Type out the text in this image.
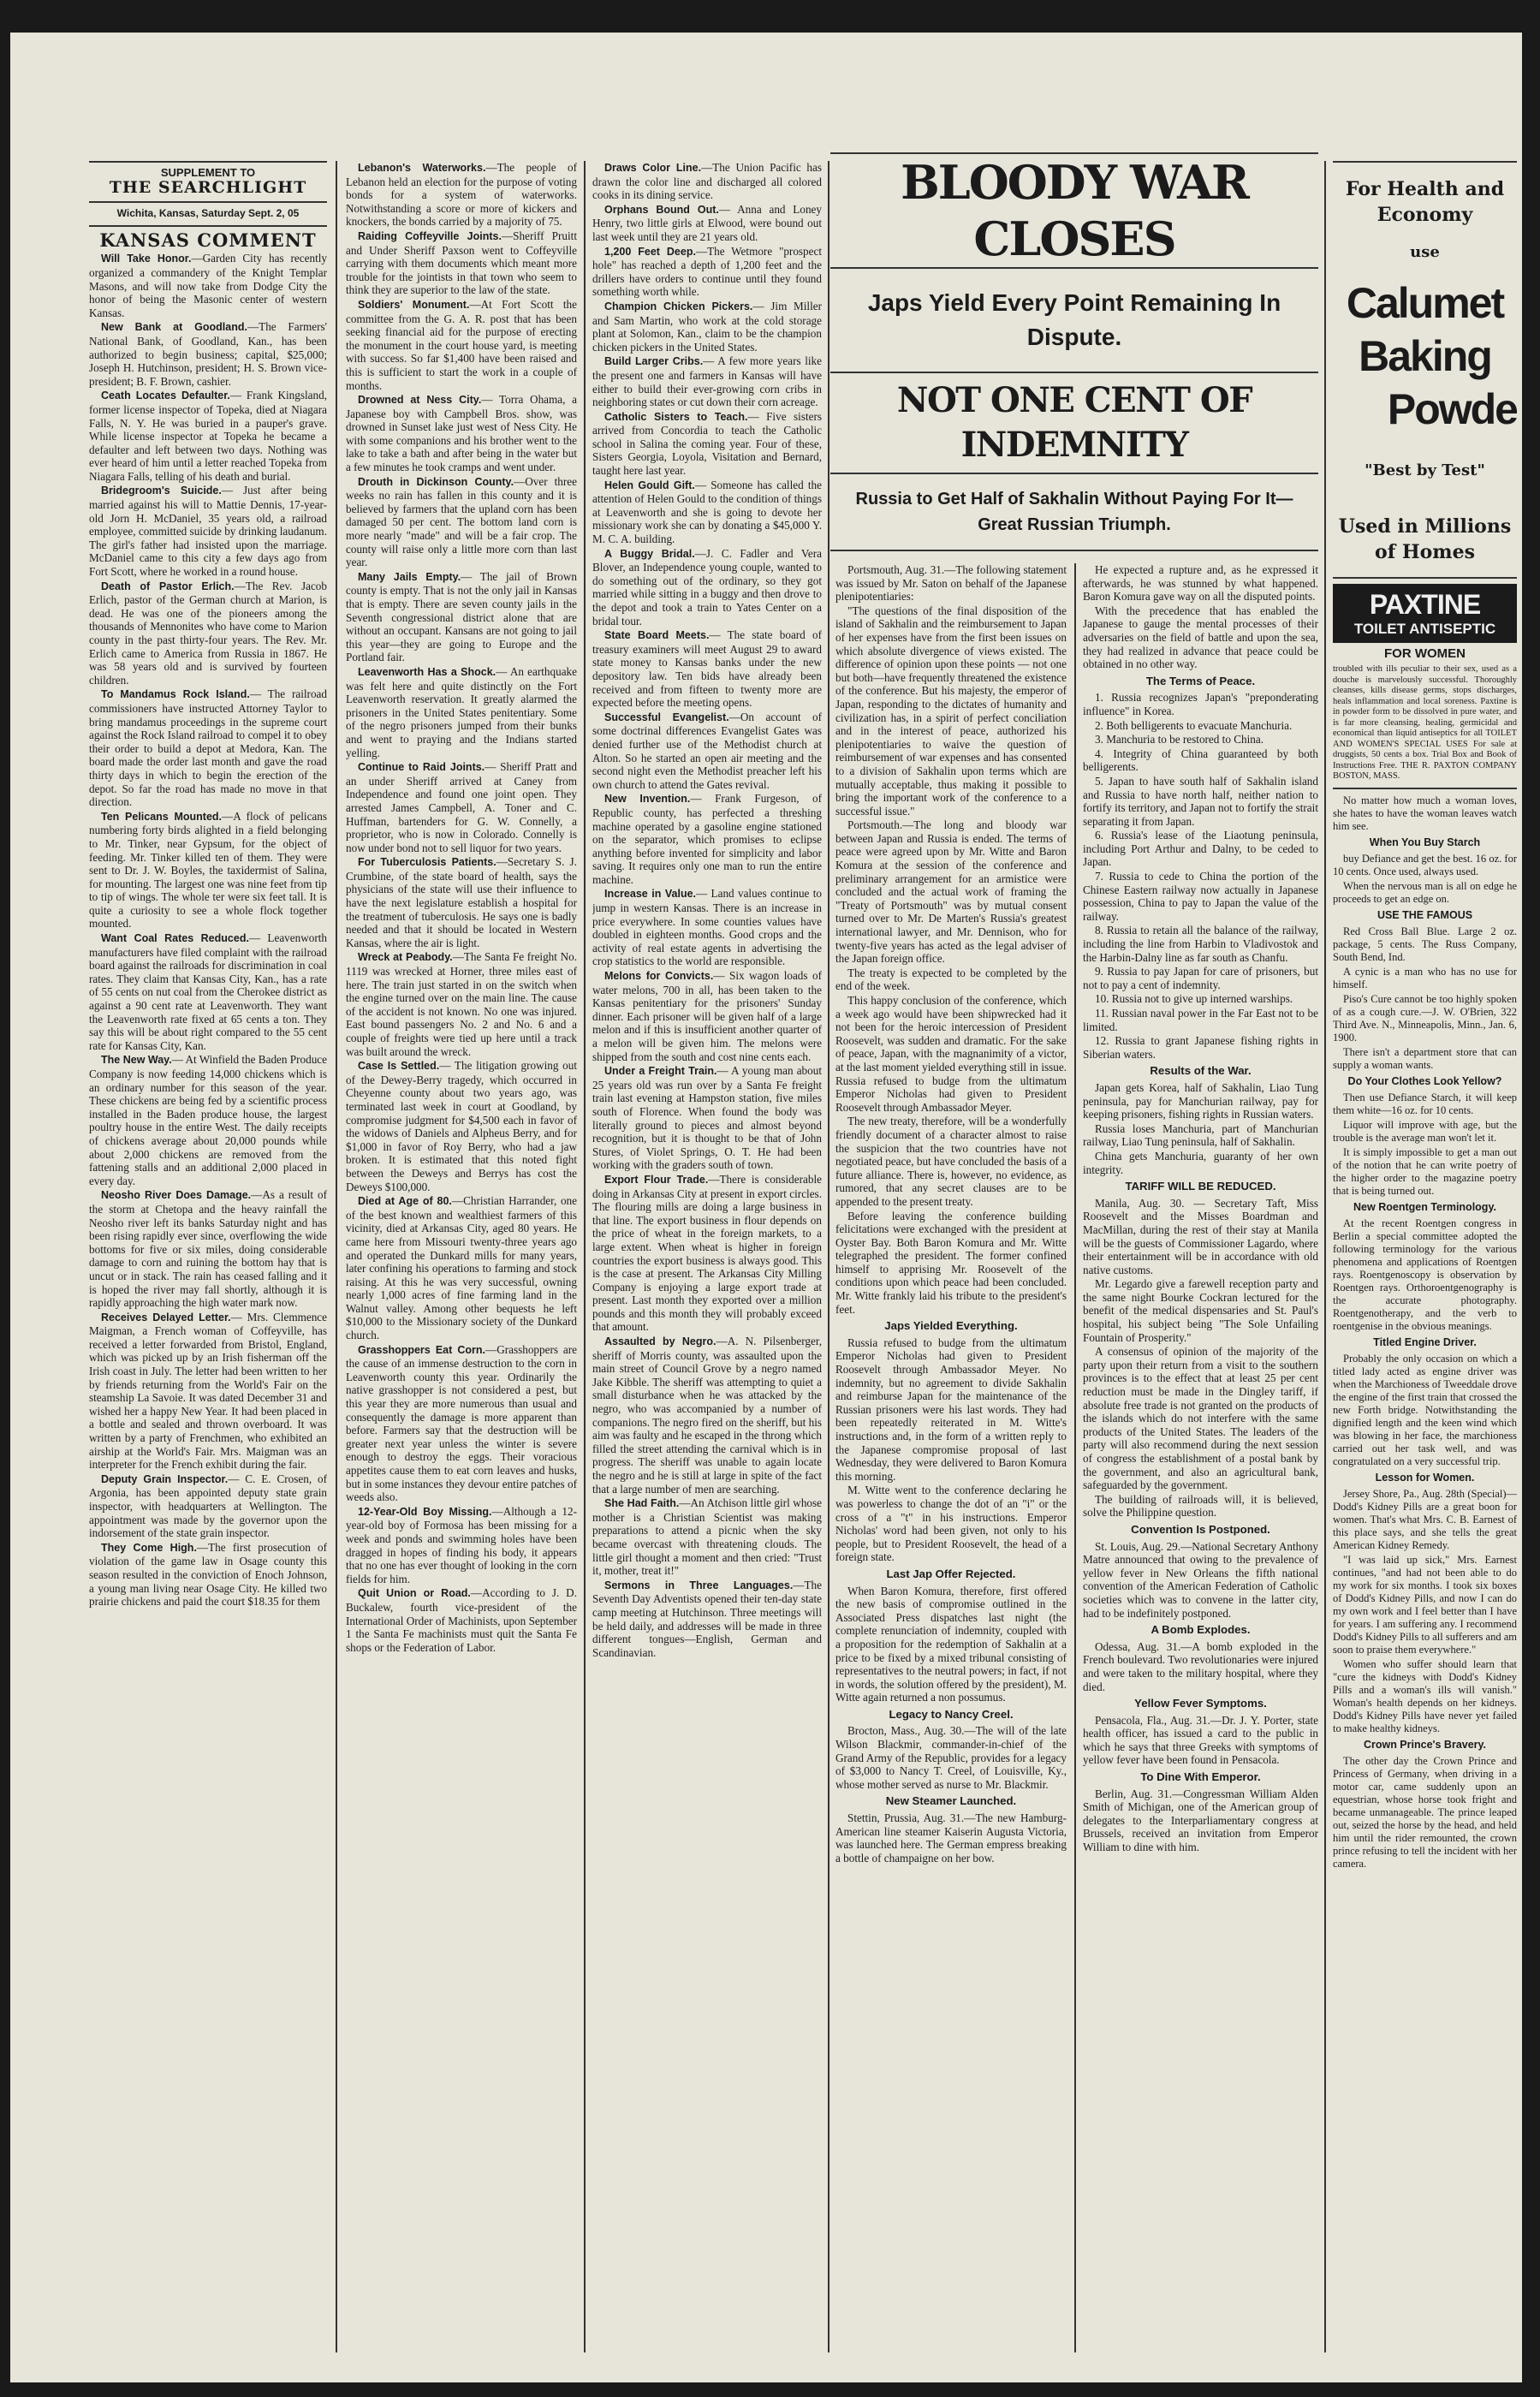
SUPPLEMENT TO
THE SEARCHLIGHT
Wichita, Kansas, Saturday Sept. 2, 05
KANSAS COMMENT

Will Take Honor.—Garden City has recently organized a commandery of the Knight Templar Masons, and will now take from Dodge City the honor of being the Masonic center of western Kansas.

New Bank at Goodland.—The Farmers' National Bank, of Goodland, Kan., has been authorized to begin business; capital, $25,000; Joseph H. Hutchinson, president; H. S. Brown vice-president; B. F. Brown, cashier.

Ceath Locates Defaulter.— Frank Kingsland, former license inspector of Topeka, died at Niagara Falls, N. Y. He was buried in a pauper's grave. While license inspector at Topeka he became a defaulter and left between two days. Nothing was ever heard of him until a letter reached Topeka from Niagara Falls, telling of his death and burial.

Bridegroom's Suicide.— Just after being married against his will to Mattie Dennis, 17-year-old Jorn H. McDaniel, 35 years old, a railroad employee, committed suicide by drinking laudanum. The girl's father had insisted upon the marriage. McDaniel came to this city a few days ago from Fort Scott, where he worked in a round house.

Death of Pastor Erlich.—The Rev. Jacob Erlich, pastor of the German church at Marion, is dead. He was one of the pioneers among the thousands of Mennonites who have come to Marion county in the past thirty-four years. The Rev. Mr. Erlich came to America from Russia in 1867. He was 58 years old and is survived by fourteen children.

To Mandamus Rock Island.— The railroad commissioners have instructed Attorney Taylor to bring mandamus proceedings in the supreme court against the Rock Island railroad to compel it to obey their order to build a depot at Medora, Kan. The board made the order last month and gave the road thirty days in which to begin the erection of the depot. So far the road has made no move in that direction.

Ten Pelicans Mounted.—A flock of pelicans numbering forty birds alighted in a field belonging to Mr. Tinker, near Gypsum, for the object of feeding. Mr. Tinker killed ten of them. They were sent to Dr. J. W. Boyles, the taxidermist of Salina, for mounting. The largest one was nine feet from tip to tip of wings. The whole ter were six feet tall. It is quite a curiosity to see a whole flock together mounted.

Want Coal Rates Reduced.— Leavenworth manufacturers have filed complaint with the railroad board against the railroads for discrimination in coal rates. They claim that Kansas City, Kan., has a rate of 55 cents on nut coal from the Cherokee district as against a 90 cent rate at Leavenworth. They want the Leavenworth rate fixed at 65 cents a ton. They say this will be about right compared to the 55 cent rate for Kansas City, Kan.

The New Way.— At Winfield the Baden Produce Company is now feeding 14,000 chickens which is an ordinary number for this season of the year. These chickens are being fed by a scientific process installed in the Baden produce house, the largest poultry house in the entire West. The daily receipts of chickens average about 20,000 pounds while about 2,000 chickens are removed from the fattening stalls and an additional 2,000 placed in every day.

Neosho River Does Damage.—As a result of the storm at Chetopa and the heavy rainfall the Neosho river left its banks Saturday night and has been rising rapidly ever since, overflowing the wide bottoms for five or six miles, doing considerable damage to corn and ruining the bottom hay that is uncut or in stack. The rain has ceased falling and it is hoped the river may fall shortly, although it is rapidly approaching the high water mark now.

Receives Delayed Letter.— Mrs. Clemmence Maigman, a French woman of Coffeyville, has received a letter forwarded from Bristol, England, which was picked up by an Irish fisherman off the Irish coast in July. The letter had been written to her by friends returning from the World's Fair on the steamship La Savoie. It was dated December 31 and wished her a happy New Year. It had been placed in a bottle and sealed and thrown overboard. It was written by a party of Frenchmen, who exhibited an airship at the World's Fair. Mrs. Maigman was an interpreter for the French exhibit during the fair.

Deputy Grain Inspector.— C. E. Crosen, of Argonia, has been appointed deputy state grain inspector, with headquarters at Wellington. The appointment was made by the governor upon the indorsement of the state grain inspector.

They Come High.—The first prosecution of violation of the game law in Osage county this season resulted in the conviction of Enoch Johnson, a young man living near Osage City. He killed two prairie chickens and paid the court $18.35 for them

Lebanon's Waterworks.—The people of Lebanon held an election for the purpose of voting bonds for a system of waterworks. Notwithstanding a score or more of kickers and knockers, the bonds carried by a majority of 75.

Raiding Coffeyville Joints.—Sheriff Pruitt and Under Sheriff Paxson went to Coffeyville carrying with them documents which meant more trouble for the jointists in that town who seem to think they are superior to the law of the state.

Soldiers' Monument.—At Fort Scott the committee from the G. A. R. post that has been seeking financial aid for the purpose of erecting the monument in the court house yard, is meeting with success. So far $1,400 have been raised and this is sufficient to start the work in a couple of months.

Drowned at Ness City.— Torra Ohama, a Japanese boy with Campbell Bros. show, was drowned in Sunset lake just west of Ness City. He with some companions and his brother went to the lake to take a bath and after being in the water but a few minutes he took cramps and went under.

Drouth in Dickinson County.—Over three weeks no rain has fallen in this county and it is believed by farmers that the upland corn has been damaged 50 per cent. The bottom land corn is more nearly "made" and will be a fair crop. The county will raise only a little more corn than last year.

Many Jails Empty.— The jail of Brown county is empty. That is not the only jail in Kansas that is empty. There are seven county jails in the Seventh congressional district alone that are without an occupant. Kansans are not going to jail this year—they are going to Europe and the Portland fair.

Leavenworth Has a Shock.— An earthquake was felt here and quite distinctly on the Fort Leavenworth reservation. It greatly alarmed the prisoners in the United States penitentiary. Some of the negro prisoners jumped from their bunks and went to praying and the Indians started yelling.

Continue to Raid Joints.— Sheriff Pratt and an under Sheriff arrived at Caney from Independence and found one joint open. They arrested James Campbell, A. Toner and C. Huffman, bartenders for G. W. Connelly, a proprietor, who is now in Colorado. Connelly is now under bond not to sell liquor for two years.

For Tuberculosis Patients.—Secretary S. J. Crumbine, of the state board of health, says the physicians of the state will use their influence to have the next legislature establish a hospital for the treatment of tuberculosis. He says one is badly needed and that it should be located in Western Kansas, where the air is light.

Wreck at Peabody.—The Santa Fe freight No. 1119 was wrecked at Horner, three miles east of here. The train just started in on the switch when the engine turned over on the main line. The cause of the accident is not known. No one was injured. East bound passengers No. 2 and No. 6 and a couple of freights were tied up here until a track was built around the wreck.

Case Is Settled.— The litigation growing out of the Dewey-Berry tragedy, which occurred in Cheyenne county about two years ago, was terminated last week in court at Goodland, by compromise judgment for $4,500 each in favor of the widows of Daniels and Alpheus Berry, and for $1,000 in favor of Roy Berry, who had a jaw broken. It is estimated that this noted fight between the Deweys and Berrys has cost the Deweys $100,000.

Died at Age of 80.—Christian Harrander, one of the best known and wealthiest farmers of this vicinity, died at Arkansas City, aged 80 years. He came here from Missouri twenty-three years ago and operated the Dunkard mills for many years, later confining his operations to farming and stock raising. At this he was very successful, owning nearly 1,000 acres of fine farming land in the Walnut valley. Among other bequests he left $10,000 to the Missionary society of the Dunkard church.

Grasshoppers Eat Corn.—Grasshoppers are the cause of an immense destruction to the corn in Leavenworth county this year. Ordinarily the native grasshopper is not considered a pest, but this year they are more numerous than usual and consequently the damage is more apparent than before. Farmers say that the destruction will be greater next year unless the winter is severe enough to destroy the eggs. Their voracious appetites cause them to eat corn leaves and husks, but in some instances they devour entire patches of weeds also.

12-Year-Old Boy Missing.—Although a 12-year-old boy of Formosa has been missing for a week and ponds and swimming holes have been dragged in hopes of finding his body, it appears that no one has ever thought of looking in the corn fields for him.

Quit Union or Road.—According to J. D. Buckalew, fourth vice-president of the International Order of Machinists, upon September 1 the Santa Fe machinists must quit the Santa Fe shops or the Federation of Labor.

Draws Color Line.—The Union Pacific has drawn the color line and discharged all colored cooks in its dining service.

Orphans Bound Out.— Anna and Loney Henry, two little girls at Elwood, were bound out last week until they are 21 years old.

1,200 Feet Deep.—The Wetmore "prospect hole" has reached a depth of 1,200 feet and the drillers have orders to continue until they found something worth while.

Champion Chicken Pickers.— Jim Miller and Sam Martin, who work at the cold storage plant at Solomon, Kan., claim to be the champion chicken pickers in the United States.

Build Larger Cribs.— A few more years like the present one and farmers in Kansas will have either to build their ever-growing corn cribs in neighboring states or cut down their corn acreage.

Catholic Sisters to Teach.— Five sisters arrived from Concordia to teach the Catholic school in Salina the coming year. Four of these, Sisters Georgia, Loyola, Visitation and Bernard, taught here last year.

Helen Gould Gift.— Someone has called the attention of Helen Gould to the condition of things at Leavenworth and she is going to devote her missionary work she can by donating a $45,000 Y. M. C. A. building.

A Buggy Bridal.—J. C. Fadler and Vera Blover, an Independence young couple, wanted to do something out of the ordinary, so they got married while sitting in a buggy and then drove to the depot and took a train to Yates Center on a bridal tour.

State Board Meets.— The state board of treasury examiners will meet August 29 to award state money to Kansas banks under the new depository law. Ten bids have already been received and from fifteen to twenty more are expected before the meeting opens.

Successful Evangelist.—On account of some doctrinal differences Evangelist Gates was denied further use of the Methodist church at Alton. So he started an open air meeting and the second night even the Methodist preacher left his own church to attend the Gates revival.

New Invention.— Frank Furgeson, of Republic county, has perfected a threshing machine operated by a gasoline engine stationed on the separator, which promises to eclipse anything before invented for simplicity and labor saving. It requires only one man to run the entire machine.

Increase in Value.— Land values continue to jump in western Kansas. There is an increase in price everywhere. In some counties values have doubled in eighteen months. Good crops and the activity of real estate agents in advertising the crop statistics to the world are responsible.

Melons for Convicts.— Six wagon loads of water melons, 700 in all, has been taken to the Kansas penitentiary for the prisoners' Sunday dinner. Each prisoner will be given half of a large melon and if this is insufficient another quarter of a melon will be given him. The melons were shipped from the south and cost nine cents each.

Under a Freight Train.— A young man about 25 years old was run over by a Santa Fe freight train last evening at Hampston station, five miles south of Florence. When found the body was literally ground to pieces and almost beyond recognition, but it is thought to be that of John Stures, of Violet Springs, O. T. He had been working with the graders south of town.

Export Flour Trade.—There is considerable doing in Arkansas City at present in export circles. The flouring mills are doing a large business in that line. The export business in flour depends on the price of wheat in the foreign markets, to a large extent. When wheat is higher in foreign countries the export business is always good. This is the case at present. The Arkansas City Milling Company is enjoying a large export trade at present. Last month they exported over a million pounds and this month they will probably exceed that amount.

Assaulted by Negro.—A. N. Pilsenberger, sheriff of Morris county, was assaulted upon the main street of Council Grove by a negro named Jake Kibble. The sheriff was attempting to quiet a small disturbance when he was attacked by the negro, who was accompanied by a number of companions. The negro fired on the sheriff, but his aim was faulty and he escaped in the throng which filled the street attending the carnival which is in progress. The sheriff was unable to again locate the negro and he is still at large in spite of the fact that a large number of men are searching.

She Had Faith.—An Atchison little girl whose mother is a Christian Scientist was making preparations to attend a picnic when the sky became overcast with threatening clouds. The little girl thought a moment and then cried: "Trust it, mother, treat it!"

Sermons in Three Languages.—The Seventh Day Adventists opened their ten-day state camp meeting at Hutchinson. Three meetings will be held daily, and addresses will be made in three different tongues—English, German and Scandinavian.

BLOODY WAR CLOSES
Japs Yield Every Point Remaining In Dispute.
NOT ONE CENT OF INDEMNITY
Russia to Get Half of Sakhalin Without Paying For It—Great Russian Triumph.

Portsmouth, Aug. 31.—The following statement was issued by Mr. Saton on behalf of the Japanese plenipotentiaries:

"The questions of the final disposition of the island of Sakhalin and the reimbursement to Japan of her expenses have from the first been issues on which absolute divergence of views existed. The difference of opinion upon these points — not one but both—have frequently threatened the existence of the conference. But his majesty, the emperor of Japan, responding to the dictates of humanity and civilization has, in a spirit of perfect conciliation and in the interest of peace, authorized his plenipotentiaries to waive the question of reimbursement of war expenses and has consented to a division of Sakhalin upon terms which are mutually acceptable, thus making it possible to bring the important work of the conference to a successful issue."

Portsmouth.—The long and bloody war between Japan and Russia is ended. The terms of peace were agreed upon by Mr. Witte and Baron Komura at the session of the conference and preliminary arrangement for an armistice were concluded and the actual work of framing the "Treaty of Portsmouth" was by mutual consent turned over to Mr. De Marten's Russia's greatest international lawyer, and Mr. Dennison, who for twenty-five years has acted as the legal adviser of the Japan foreign office.

The treaty is expected to be completed by the end of the week.

This happy conclusion of the conference, which a week ago would have been shipwrecked had it not been for the heroic intercession of President Roosevelt, was sudden and dramatic. For the sake of peace, Japan, with the magnanimity of a victor, at the last moment yielded everything still in issue. Russia refused to budge from the ultimatum Emperor Nicholas had given to President Roosevelt through Ambassador Meyer.

The new treaty, therefore, will be a wonderfully friendly document of a character almost to raise the suspicion that the two countries have not negotiated peace, but have concluded the basis of a future alliance. There is, however, no evidence, as rumored, that any secret clauses are to be appended to the present treaty.

Before leaving the conference building felicitations were exchanged with the president at Oyster Bay. Both Baron Komura and Mr. Witte telegraphed the president. The former confined himself to apprising Mr. Roosevelt of the conditions upon which peace had been concluded. Mr. Witte frankly laid his tribute to the president's feet.

Japs Yielded Everything.

Russia refused to budge from the ultimatum Emperor Nicholas had given to President Roosevelt through Ambassador Meyer. No indemnity, but no agreement to divide Sakhalin and reimburse Japan for the maintenance of the Russian prisoners were his last words. They had been repeatedly reiterated in M. Witte's instructions and, in the form of a written reply to the Japanese compromise proposal of last Wednesday, they were delivered to Baron Komura this morning.

M. Witte went to the conference declaring he was powerless to change the dot of an "i" or the cross of a "t" in his instructions. Emperor Nicholas' word had been given, not only to his people, but to President Roosevelt, the head of a foreign state.

Last Jap Offer Rejected.

When Baron Komura, therefore, first offered the new basis of compromise outlined in the Associated Press dispatches last night (the complete renunciation of indemnity, coupled with a proposition for the redemption of Sakhalin at a price to be fixed by a mixed tribunal consisting of representatives to the neutral powers; in fact, if not in words, the solution offered by the president), M. Witte again returned a non possumus.

Legacy to Nancy Creel.

Brocton, Mass., Aug. 30.—The will of the late Wilson Blackmir, commander-in-chief of the Grand Army of the Republic, provides for a legacy of $3,000 to Nancy T. Creel, of Louisville, Ky., whose mother served as nurse to Mr. Blackmir.

New Steamer Launched.

Stettin, Prussia, Aug. 31.—The new Hamburg-American line steamer Kaiserin Augusta Victoria, was launched here. The German empress breaking a bottle of champaigne on her bow.

He expected a rupture and, as he expressed it afterwards, he was stunned by what happened. Baron Komura gave way on all the disputed points.

With the precedence that has enabled the Japanese to gauge the mental processes of their adversaries on the field of battle and upon the sea, they had realized in advance that peace could be obtained in no other way.

The Terms of Peace.

1. Russia recognizes Japan's "preponderating influence" in Korea.

2. Both belligerents to evacuate Manchuria.

3. Manchuria to be restored to China.

4. Integrity of China guaranteed by both belligerents.

5. Japan to have south half of Sakhalin island and Russia to have north half, neither nation to fortify its territory, and Japan not to fortify the strait separating it from Japan.

6. Russia's lease of the Liaotung peninsula, including Port Arthur and Dalny, to be ceded to Japan.

7. Russia to cede to China the portion of the Chinese Eastern railway now actually in Japanese possession, China to pay to Japan the value of the railway.

8. Russia to retain all the balance of the railway, including the line from Harbin to Vladivostok and the Harbin-Dalny line as far south as Chanfu.

9. Russia to pay Japan for care of prisoners, but not to pay a cent of indemnity.

10. Russia not to give up interned warships.

11. Russian naval power in the Far East not to be limited.

12. Russia to grant Japanese fishing rights in Siberian waters.

Results of the War.

Japan gets Korea, half of Sakhalin, Liao Tung peninsula, pay for Manchurian railway, pay for keeping prisoners, fishing rights in Russian waters.

Russia loses Manchuria, part of Manchurian railway, Liao Tung peninsula, half of Sakhalin.

China gets Manchuria, guaranty of her own integrity.

TARIFF WILL BE REDUCED.

Manila, Aug. 30. — Secretary Taft, Miss Roosevelt and the Misses Boardman and MacMillan, during the rest of their stay at Manila will be the guests of Commissioner Lagardo, where their entertainment will be in accordance with old native customs.

Mr. Legardo give a farewell reception party and the same night Bourke Cockran lectured for the benefit of the medical dispensaries and St. Paul's hospital, his subject being "The Sole Unfailing Fountain of Prosperity."

A consensus of opinion of the majority of the party upon their return from a visit to the southern provinces is to the effect that at least 25 per cent reduction must be made in the Dingley tariff, if absolute free trade is not granted on the products of the islands which do not interfere with the same products of the United States. The leaders of the party will also recommend during the next session of congress the establishment of a postal bank by the government, and also an agricultural bank, safeguarded by the government.

The building of railroads will, it is believed, solve the Philippine question.

Convention Is Postponed.

St. Louis, Aug. 29.—National Secretary Anthony Matre announced that owing to the prevalence of yellow fever in New Orleans the fifth national convention of the American Federation of Catholic societies which was to convene in the latter city, had to be indefinitely postponed.

A Bomb Explodes.

Odessa, Aug. 31.—A bomb exploded in the French boulevard. Two revolutionaries were injured and were taken to the military hospital, where they died.

Yellow Fever Symptoms.

Pensacola, Fla., Aug. 31.—Dr. J. Y. Porter, state health officer, has issued a card to the public in which he says that three Greeks with symptoms of yellow fever have been found in Pensacola.

To Dine With Emperor.

Berlin, Aug. 31.—Congressman William Alden Smith of Michigan, one of the American group of delegates to the Interparliamentary congress at Brussels, received an invitation from Emperor William to dine with him.

For Health and Economy
use
Calumet
Baking
Powde
"Best by Test"
Used in Millions of Homes
PAXTINE
TOILET ANTISEPTIC
FOR WOMEN
troubled with ills peculiar to their sex, used as a douche is marvelously successful. Thoroughly cleanses, kills disease germs, stops discharges, heals inflammation and local soreness. Paxtine is in powder form to be dissolved in pure water, and is far more cleansing, healing, germicidal and economical than liquid antiseptics for all TOILET AND WOMEN'S SPECIAL USES For sale at druggists, 50 cents a box. Trial Box and Book of Instructions Free. THE R. PAXTON COMPANY BOSTON, MASS.

No matter how much a woman loves, she hates to have the woman leaves watch him see.

When You Buy Starch

buy Defiance and get the best. 16 oz. for 10 cents. Once used, always used.

When the nervous man is all on edge he proceeds to get an edge on.

USE THE FAMOUS

Red Cross Ball Blue. Large 2 oz. package, 5 cents. The Russ Company, South Bend, Ind.

A cynic is a man who has no use for himself.

Piso's Cure cannot be too highly spoken of as a cough cure.—J. W. O'Brien, 322 Third Ave. N., Minneapolis, Minn., Jan. 6, 1900.

There isn't a department store that can supply a woman wants.

Do Your Clothes Look Yellow?

Then use Defiance Starch, it will keep them white—16 oz. for 10 cents.

Liquor will improve with age, but the trouble is the average man won't let it.

It is simply impossible to get a man out of the notion that he can write poetry of the higher order to the magazine poetry that is being turned out.

New Roentgen Terminology.

At the recent Roentgen congress in Berlin a special committee adopted the following terminology for the various phenomena and applications of Roentgen rays. Roentgenoscopy is observation by Roentgen rays. Orthoroentgenography is the accurate photography. Roentgenotherapy, and the verb to roentgenise in the obvious meanings.

Titled Engine Driver.

Probably the only occasion on which a titled lady acted as engine driver was when the Marchioness of Tweeddale drove the engine of the first train that crossed the new Forth bridge. Notwithstanding the dignified length and the keen wind which was blowing in her face, the marchioness carried out her task well, and was congratulated on a very successful trip.

Lesson for Women.

Jersey Shore, Pa., Aug. 28th (Special)—Dodd's Kidney Pills are a great boon for women. That's what Mrs. C. B. Earnest of this place says, and she tells the great American Kidney Remedy.

"I was laid up sick," Mrs. Earnest continues, "and had not been able to do my work for six months. I took six boxes of Dodd's Kidney Pills, and now I can do my own work and I feel better than I have for years. I am suffering any. I recommend Dodd's Kidney Pills to all sufferers and am soon to praise them everywhere."

Women who suffer should learn that "cure the kidneys with Dodd's Kidney Pills and a woman's ills will vanish." Woman's health depends on her kidneys. Dodd's Kidney Pills have never yet failed to make healthy kidneys.

Crown Prince's Bravery.

The other day the Crown Prince and Princess of Germany, when driving in a motor car, came suddenly upon an equestrian, whose horse took fright and became unmanageable. The prince leaped out, seized the horse by the head, and held him until the rider remounted, the crown prince refusing to tell the incident with her camera.
